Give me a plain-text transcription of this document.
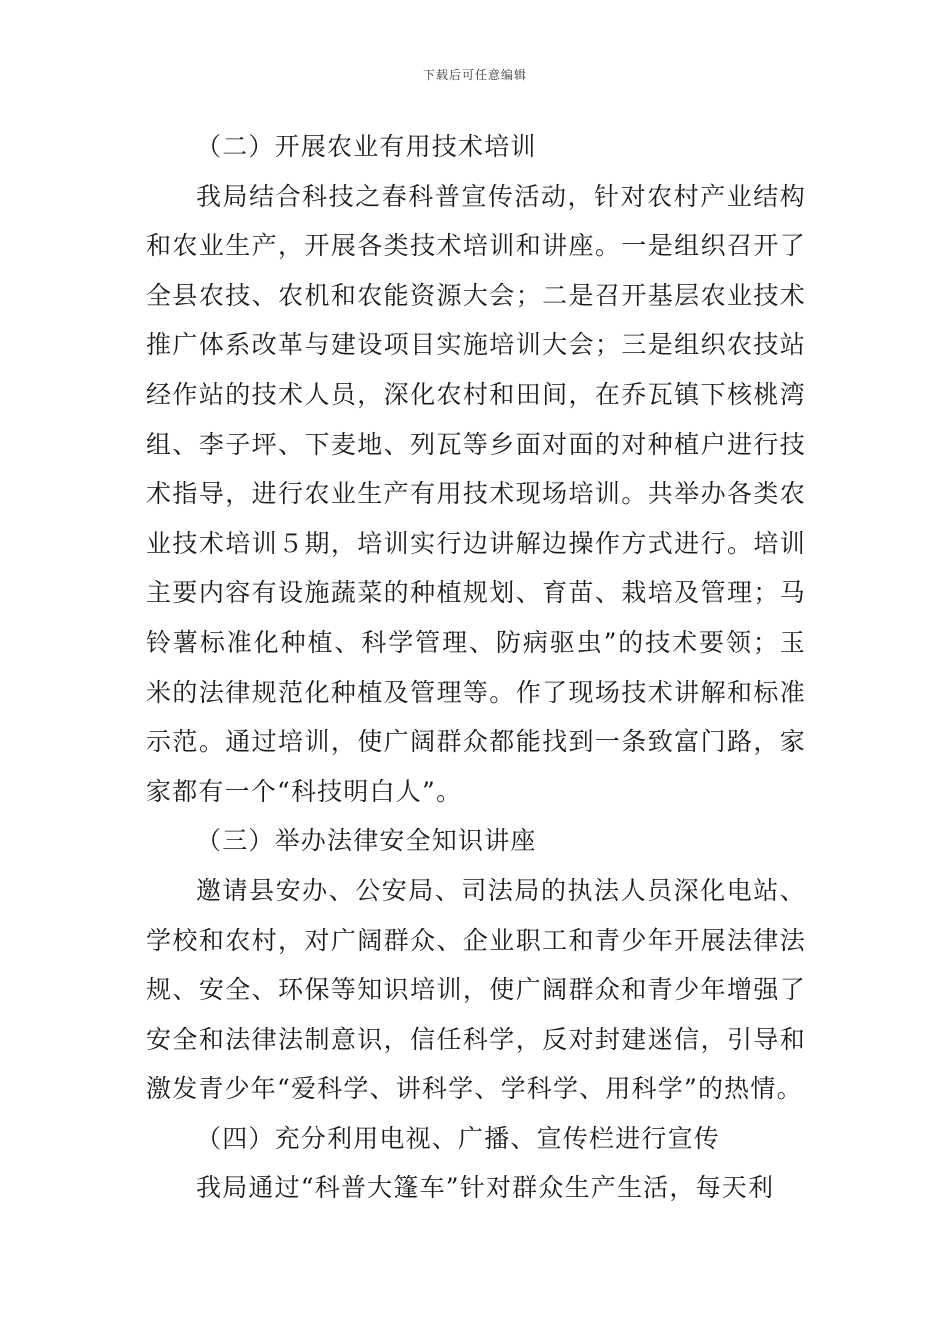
下载后可任意编辑

（二）开展农业有用技术培训

我局结合科技之春科普宣传活动，针对农村产业结构和农业生产，开展各类技术培训和讲座。一是组织召开了全县农技、农机和农能资源大会；二是召开基层农业技术推广体系改革与建设项目实施培训大会；三是组织农技站经作站的技术人员，深化农村和田间，在乔瓦镇下核桃湾组、李子坪、下麦地、列瓦等乡面对面的对种植户进行技术指导，进行农业生产有用技术现场培训。共举办各类农业技术培训５期，培训实行边讲解边操作方式进行。培训主要内容有设施蔬菜的种植规划、育苗、栽培及管理；马铃薯标准化种植、科学管理、防病驱虫”的技术要领；玉米的法律规范化种植及管理等。作了现场技术讲解和标准示范。通过培训，使广阔群众都能找到一条致富门路，家家都有一个“科技明白人”。

（三）举办法律安全知识讲座

邀请县安办、公安局、司法局的执法人员深化电站、学校和农村，对广阔群众、企业职工和青少年开展法律法规、安全、环保等知识培训，使广阔群众和青少年增强了安全和法律法制意识，信任科学，反对封建迷信，引导和激发青少年“爱科学、讲科学、学科学、用科学”的热情。

（四）充分利用电视、广播、宣传栏进行宣传

我局通过“科普大篷车”针对群众生产生活，每天利
